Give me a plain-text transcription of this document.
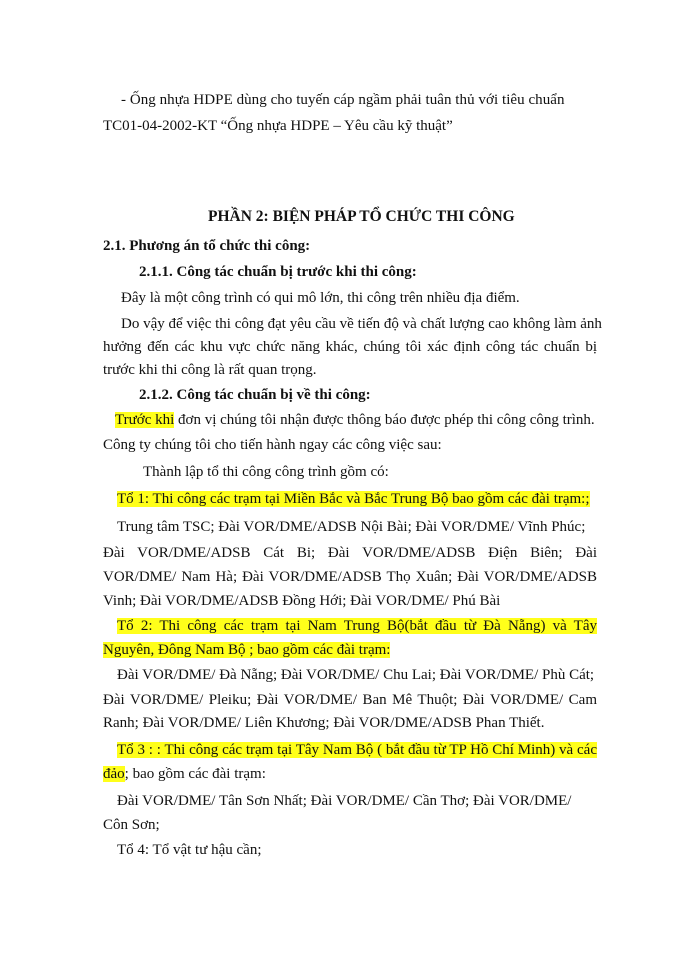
- Ống nhựa HDPE dùng cho tuyến cáp ngầm phải tuân thủ với tiêu chuẩn
TC01-04-2002-KT “Ống nhựa HDPE – Yêu cầu kỹ thuật”
PHẦN 2: BIỆN PHÁP TỔ CHỨC THI CÔNG
2.1. Phương án tổ chức thi công:
2.1.1. Công tác chuẩn bị trước khi thi công:
Đây là một công trình có qui mô lớn, thi công trên nhiều địa điểm.
Do vậy để việc thi công đạt yêu cầu về tiến độ và chất lượng cao không làm ảnh
hưởng đến các khu vực chức năng khác, chúng tôi xác định công tác chuẩn bị
trước khi thi công là rất quan trọng.
2.1.2. Công tác chuẩn bị về thi công:
Trước khi đơn vị chúng tôi nhận được thông báo được phép thi công công trình.
Công ty chúng tôi cho tiến hành ngay các công việc sau:
Thành lập tổ thi công công trình gồm có:
Tổ 1: Thi công các trạm tại Miền Bắc và Bắc Trung Bộ bao gồm các đài trạm:;
Trung tâm TSC; Đài VOR/DME/ADSB Nội Bài; Đài VOR/DME/ Vĩnh Phúc;
Đài VOR/DME/ADSB Cát Bi; Đài VOR/DME/ADSB Điện Biên; Đài
VOR/DME/ Nam Hà; Đài VOR/DME/ADSB Thọ Xuân; Đài VOR/DME/ADSB
Vinh; Đài VOR/DME/ADSB Đồng Hới; Đài VOR/DME/ Phú Bài
Tổ 2: Thi công các trạm tại Nam Trung Bộ(bắt đầu từ Đà Nẵng) và Tây
Nguyên, Đông Nam Bộ ; bao gồm các đài trạm:
Đài VOR/DME/ Đà Nẵng; Đài VOR/DME/ Chu Lai; Đài VOR/DME/ Phù Cát;
Đài VOR/DME/ Pleiku; Đài VOR/DME/ Ban Mê Thuột; Đài VOR/DME/ Cam
Ranh; Đài VOR/DME/ Liên Khương; Đài VOR/DME/ADSB Phan Thiết.
Tổ 3 : : Thi công các trạm tại Tây Nam Bộ ( bắt đầu từ TP Hồ Chí Minh) và các
đảo; bao gồm các đài trạm:
Đài VOR/DME/ Tân Sơn Nhất; Đài VOR/DME/ Cần Thơ; Đài VOR/DME/
Côn Sơn;
Tổ 4: Tổ vật tư hậu cần;
